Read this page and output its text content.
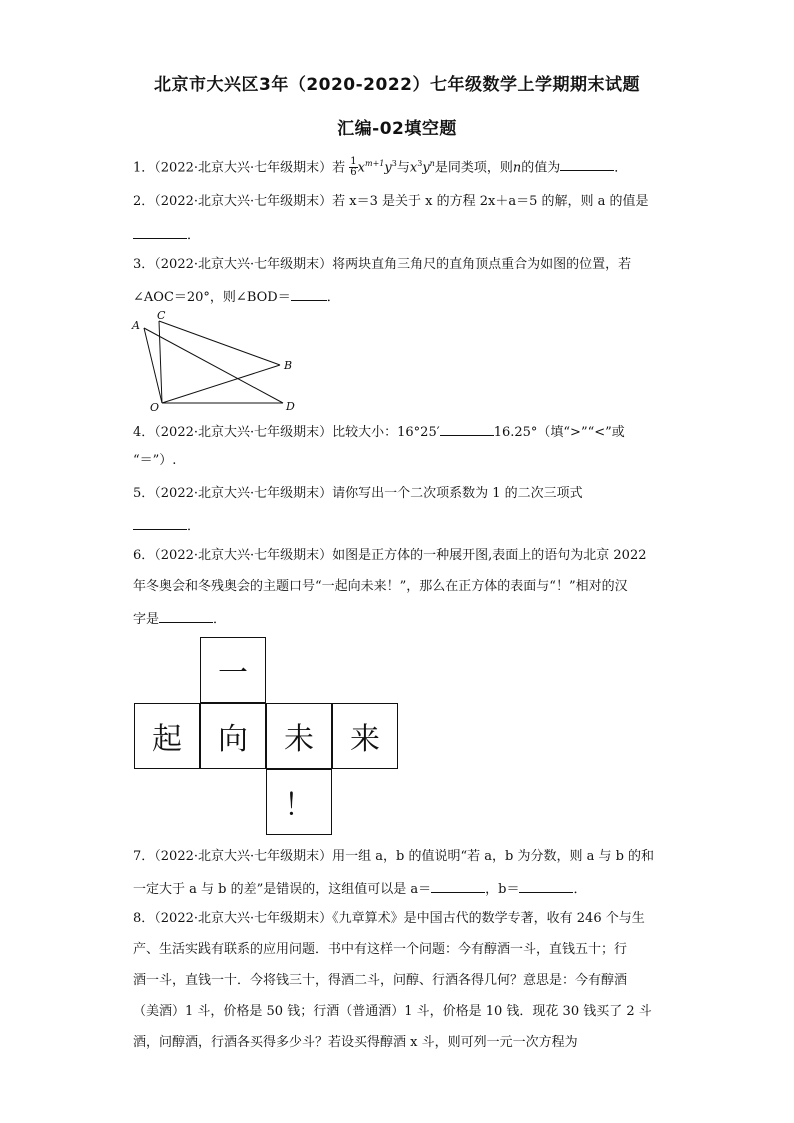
北京市大兴区3年（2020-2022）七年级数学上学期期末试题
汇编-02填空题
1．（2022·北京大兴·七年级期末）若 $\frac{1}{6} x^{m+1}y^3$与$x^3y^n$是同类项，则n的值为	．
2．（2022·北京大兴·七年级期末）若 x＝3 是关于 x 的方程 2x＋a＝5 的解，则 a 的值是
．
3．（2022·北京大兴·七年级期末）将两块直角三角尺的直角顶点重合为如图的位置，若
∠AOC＝20°，则∠BOD＝	．
A
C
B
O	D
4．（2022·北京大兴·七年级期末）比较大小：16°25′	16.25°（填“>”“<”或
“＝”）.
5．（2022·北京大兴·七年级期末）请你写出一个二次项系数为 1 的二次三项式
．
6．（2022·北京大兴·七年级期末）如图是正方体的一种展开图,表面上的语句为北京 2022
年冬奥会和冬残奥会的主题口号“一起向未来！”，那么在正方体的表面与“！”相对的汉
字是	．
一
起	向	未	来
！
7．（2022·北京大兴·七年级期末）用一组 a，b 的值说明“若 a，b 为分数，则 a 与 b 的和
一定大于 a 与 b 的差”是错误的，这组值可以是 a＝	，b＝	．
8．（2022·北京大兴·七年级期末）《九章算术》是中国古代的数学专著，收有 246 个与生
产、生活实践有联系的应用问题．书中有这样一个问题：今有醇酒一斗，直钱五十；行
酒一斗，直钱一十．今将钱三十，得酒二斗，问醇、行酒各得几何？意思是：今有醇酒
（美酒）1 斗，价格是 50 钱；行酒（普通酒）1 斗，价格是 10 钱．现花 30 钱买了 2 斗
酒，问醇酒，行酒各买得多少斗？若设买得醇酒 x 斗，则可列一元一次方程为
